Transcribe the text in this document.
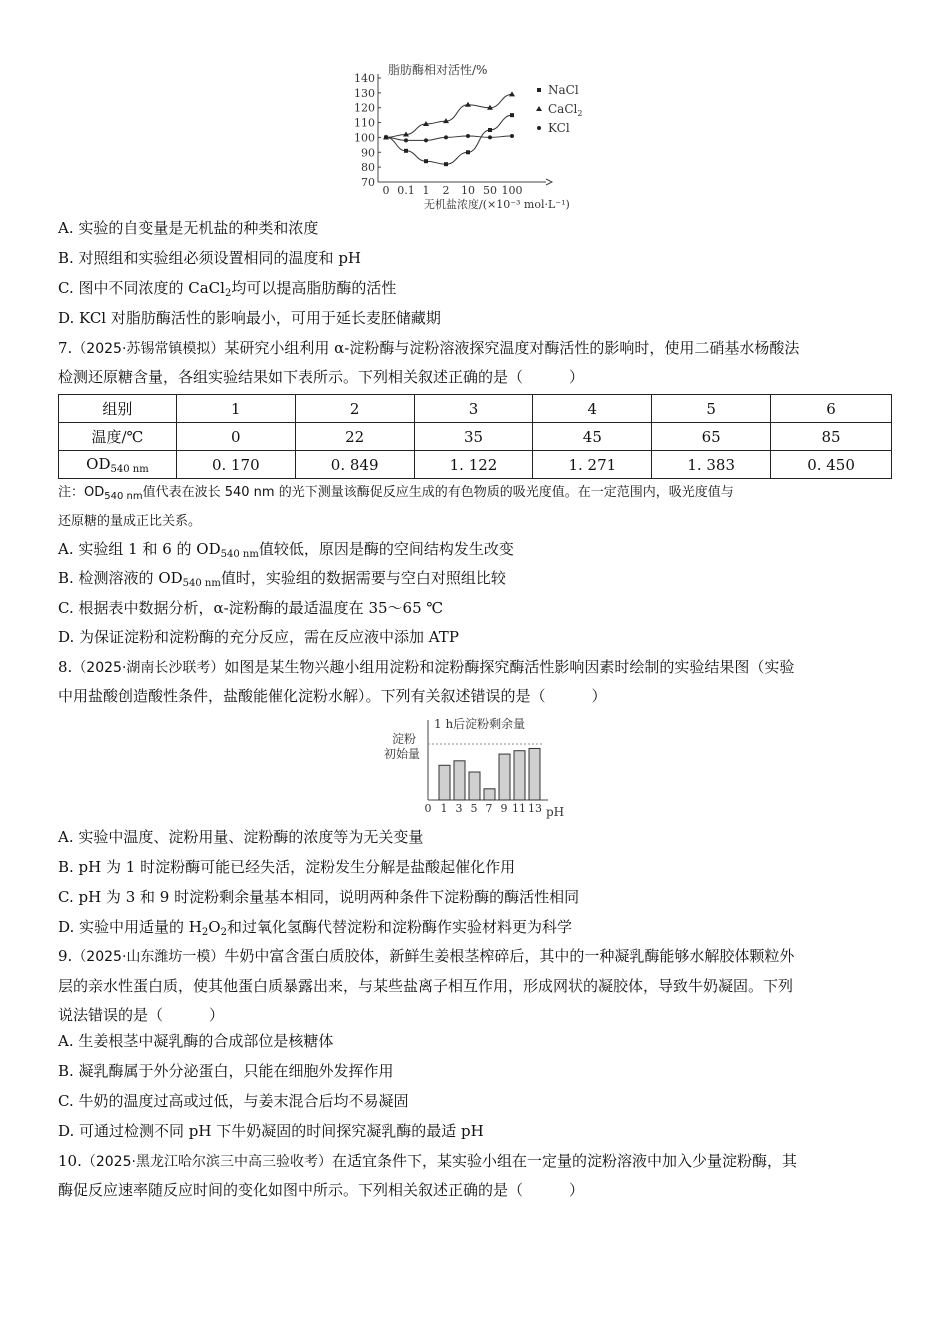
脂肪酶相对活性/%
无机盐浓度/(×10⁻³ mol·L⁻¹)
140
130
120
110
100
90
80
70
0 0.1 1 2 10 50 100
NaCl
CaCl$_2$
KCl
A. 实验的自变量是无机盐的种类和浓度
B. 对照组和实验组必须设置相同的温度和 pH
C. 图中不同浓度的 CaCl$_2$均可以提高脂肪酶的活性
D. KCl 对脂肪酶活性的影响最小，可用于延长麦胚储藏期
7.（2025·苏锡常镇模拟）某研究小组利用 α-淀粉酶与淀粉溶液探究温度对酶活性的影响时，使用二硝基水杨酸法
检测还原糖含量，各组实验结果如下表所示。下列相关叙述正确的是（	）
组别	1	2	3	4	5	6
温度/℃	0	22	35	45	65	85
$OD_{540 nm}$	0. 170	0. 849	1. 122	1. 271	1. 383	0. 450
注：$OD_{540 nm}$值代表在波长 540 nm 的光下测量该酶促反应生成的有色物质的吸光度值。在一定范围内，吸光度值与
还原糖的量成正比关系。
A. 实验组 1 和 6 的 $OD_{540 nm}$值较低，原因是酶的空间结构发生改变
B. 检测溶液的 $OD_{540 nm}$值时，实验组的数据需要与空白对照组比较
C. 根据表中数据分析，α-淀粉酶的最适温度在 35～65 ℃
D. 为保证淀粉和淀粉酶的充分反应，需在反应液中添加 ATP
8.（2025·湖南长沙联考）如图是某生物兴趣小组用淀粉和淀粉酶探究酶活性影响因素时绘制的实验结果图（实验
中用盐酸创造酸性条件，盐酸能催化淀粉水解）。下列有关叙述错误的是（	）
1 h后淀粉剩余量
淀粉
初始量
pH
0 1 3 5 7 9 11 13
A. 实验中温度、淀粉用量、淀粉酶的浓度等为无关变量
B. pH 为 1 时淀粉酶可能已经失活，淀粉发生分解是盐酸起催化作用
C. pH 为 3 和 9 时淀粉剩余量基本相同，说明两种条件下淀粉酶的酶活性相同
D. 实验中用适量的 $H_2O_2$和过氧化氢酶代替淀粉和淀粉酶作实验材料更为科学
9.（2025·山东潍坊一模）牛奶中富含蛋白质胶体，新鲜生姜根茎榨碎后，其中的一种凝乳酶能够水解胶体颗粒外
层的亲水性蛋白质，使其他蛋白质暴露出来，与某些盐离子相互作用，形成网状的凝胶体，导致牛奶凝固。下列
说法错误的是（	）
A. 生姜根茎中凝乳酶的合成部位是核糖体
B. 凝乳酶属于外分泌蛋白，只能在细胞外发挥作用
C. 牛奶的温度过高或过低，与姜末混合后均不易凝固
D. 可通过检测不同 pH 下牛奶凝固的时间探究凝乳酶的最适 pH
10.（2025·黑龙江哈尔滨三中高三验收考）在适宜条件下，某实验小组在一定量的淀粉溶液中加入少量淀粉酶，其
酶促反应速率随反应时间的变化如图中所示。下列相关叙述正确的是（	）
